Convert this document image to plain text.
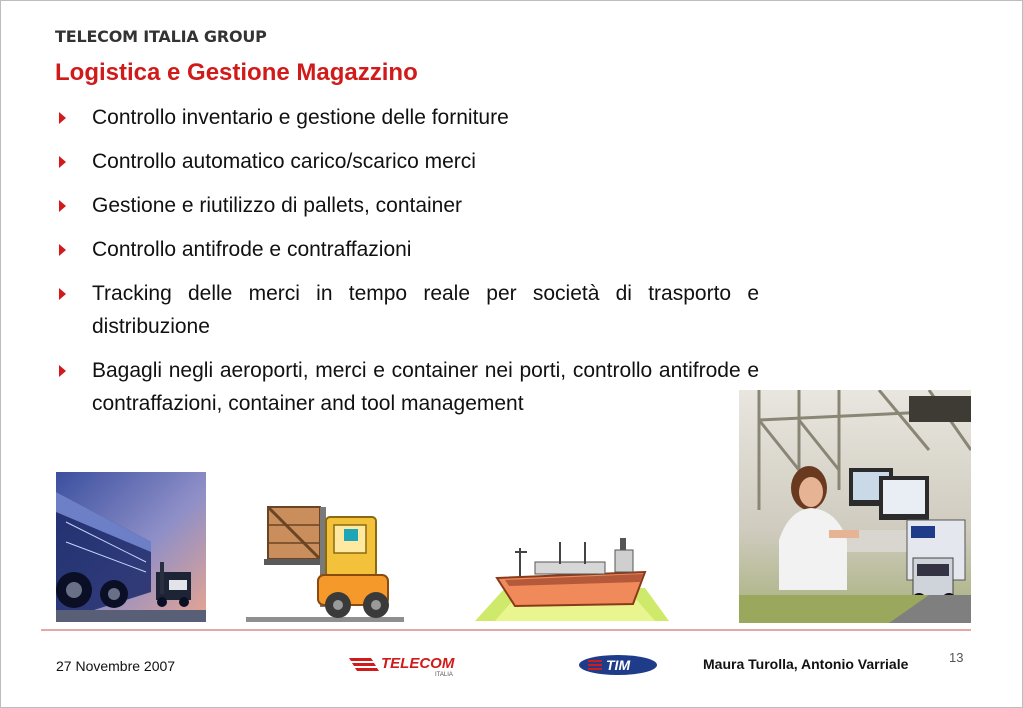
TELECOM ITALIA GROUP
Logistica e Gestione Magazzino
Controllo inventario e gestione delle forniture
Controllo automatico carico/scarico merci
Gestione e riutilizzo di pallets, container
Controllo antifrode e contraffazioni
Tracking delle merci in tempo reale per società di trasporto e distribuzione
Bagagli negli aeroporti, merci e container nei porti, controllo antifrode e contraffazioni, container and tool management
27 Novembre 2007	TELECOM
ITALIA
TIM	Maura Turolla, Antonio Varriale	13
